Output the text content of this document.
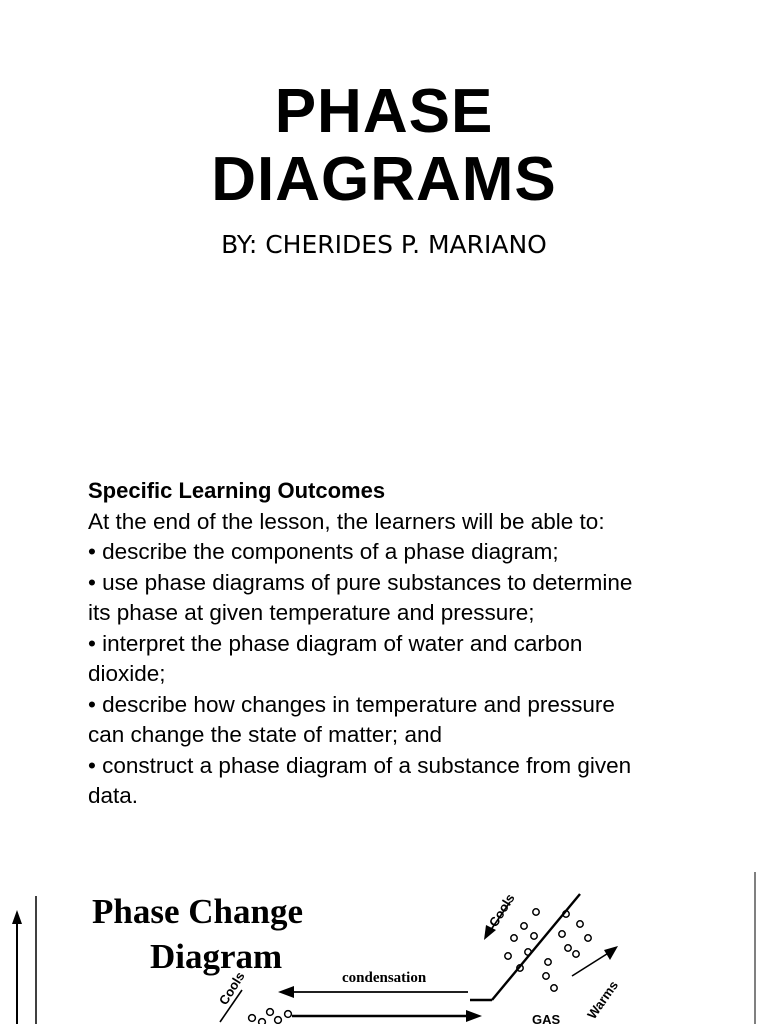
PHASE
DIAGRAMS
BY: CHERIDES P. MARIANO
Specific Learning Outcomes
At the end of the lesson, the learners will be able to:
• describe the components of a phase diagram;
• use phase diagrams of pure substances to determine
its phase at given temperature and pressure;
• interpret the phase diagram of water and carbon
dioxide;
• describe how changes in temperature and pressure
can change the state of matter; and
• construct a phase diagram of a substance from given
data.
Phase Change
Diagram
condensation
Cools
Cools	Warms
GAS
